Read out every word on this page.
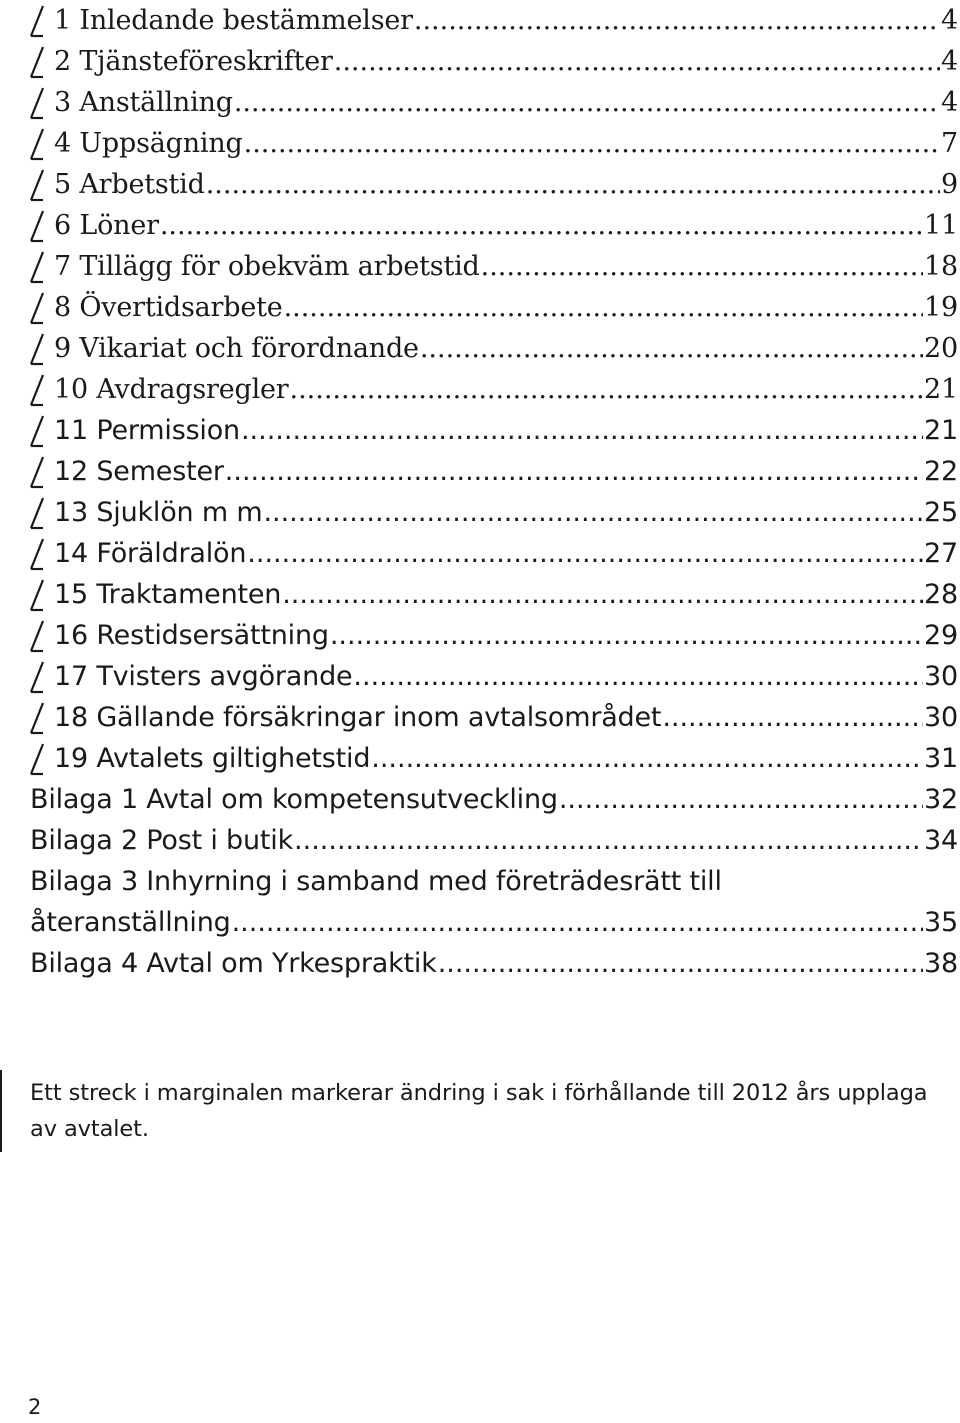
1 Inledande bestämmelser .....	4
2 Tjänsteföreskrifter .....	4
3 Anställning .....	4
4 Uppsägning .....	7
5 Arbetstid .....	9
6 Löner .....	11
7 Tillägg för obekväm arbetstid .....	18
8 Övertidsarbete .....	19
9 Vikariat och förordnande .....	20
10 Avdragsregler .....	21
11 Permission .....	21
12 Semester .....	22
13 Sjuklön m m .....	25
14 Föräldralön .....	27
15 Traktamenten .....	28
16 Restidsersättning .....	29
17 Tvisters avgörande .....	30
18 Gällande försäkringar inom avtalsområdet .....	30
19 Avtalets giltighetstid .....	31
Bilaga 1 Avtal om kompetensutveckling .....	32
Bilaga 2 Post i butik .....	34
Bilaga 3 Inhyrning i samband med företrädesrätt till
återanställning .....	35
Bilaga 4 Avtal om Yrkespraktik .....	38
Ett streck i marginalen markerar ändring i sak i förhållande till 2012 års upplaga av avtalet.
2
